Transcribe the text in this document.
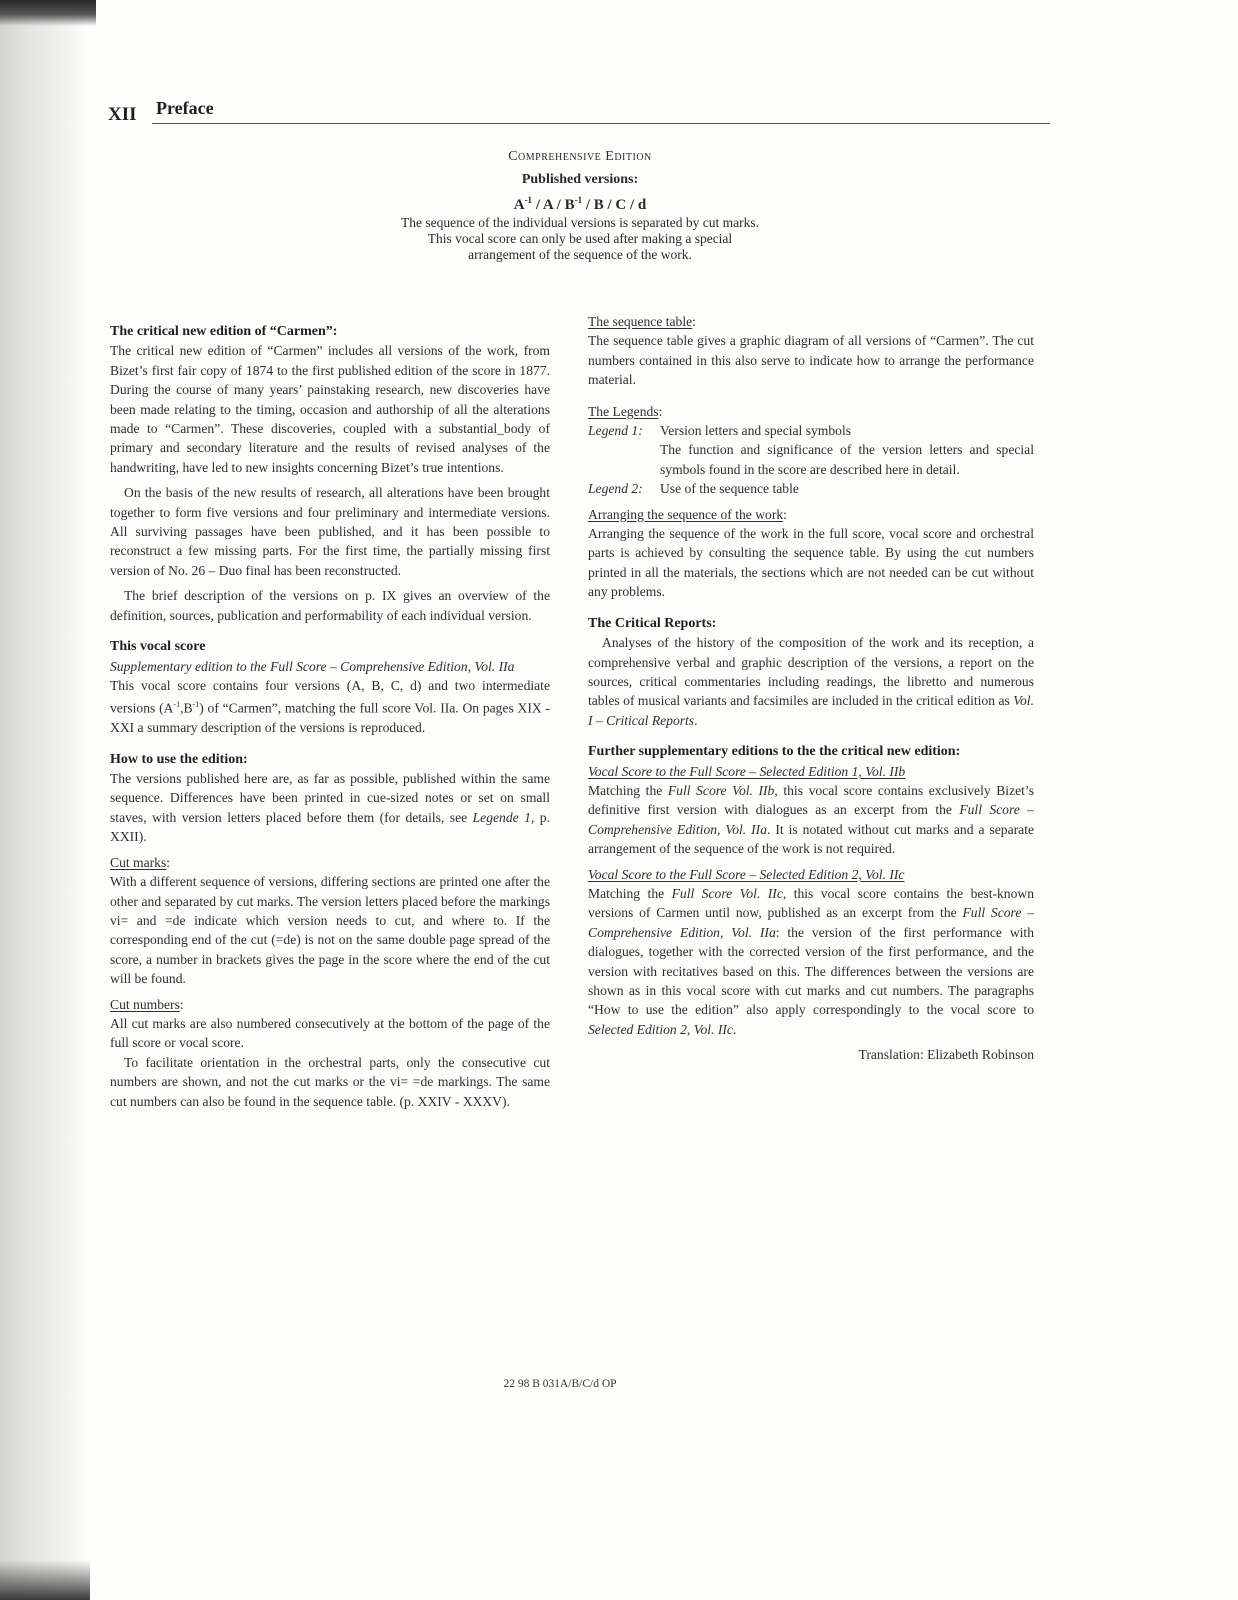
XII Preface
Comprehensive Edition
Published versions:
$A^{-1}$ / A / $B^{-1}$ / B / C / d
The sequence of the individual versions is separated by cut marks.
This vocal score can only be used after making a special
arrangement of the sequence of the work.

The critical new edition of “Carmen”:

The critical new edition of “Carmen” includes all versions of the work, from Bizet’s first fair copy of 1874 to the first published edition of the score in 1877. During the course of many years’ painstaking research, new discoveries have been made relating to the timing, occasion and authorship of all the alterations made to “Carmen”. These discoveries, coupled with a substantial_body of primary and secondary literature and the results of revised analyses of the handwriting, have led to new insights concerning Bizet’s true intentions.

On the basis of the new results of research, all alterations have been brought together to form five versions and four preliminary and intermediate versions. All surviving passages have been published, and it has been possible to reconstruct a few missing parts. For the first time, the partially missing first version of No. 26 – Duo final has been reconstructed.

The brief description of the versions on p. IX gives an overview of the definition, sources, publication and performability of each individual version.

This vocal score

Supplementary edition to the Full Score – Comprehensive Edition, Vol. IIa

This vocal score contains four versions (A, B, C, d) and two intermediate versions $(A^{-1},B^{-1})$ of “Carmen”, matching the full score Vol. IIa. On pages XIX - XXI a summary description of the versions is reproduced.

How to use the edition:

The versions published here are, as far as possible, published within the same sequence. Differences have been printed in cue-sized notes or set on small staves, with version letters placed before them (for details, see Legende 1, p. XXII).

Cut marks:

With a different sequence of versions, differing sections are printed one after the other and separated by cut marks. The version letters placed before the markings vi= and =de indicate which version needs to cut, and where to. If the corresponding end of the cut (=de) is not on the same double page spread of the score, a number in brackets gives the page in the score where the end of the cut will be found.

Cut numbers:

All cut marks are also numbered consecutively at the bottom of the page of the full score or vocal score.

To facilitate orientation in the orchestral parts, only the consecutive cut numbers are shown, and not the cut marks or the vi= =de markings. The same cut numbers can also be found in the sequence table. (p. XXIV - XXXV).

The sequence table:

The sequence table gives a graphic diagram of all versions of “Carmen”. The cut numbers contained in this also serve to indicate how to arrange the performance material.

The Legends:

Legend 1:	Version letters and special symbols

The function and significance of the version letters and special symbols found in the score are described here in detail.

Legend 2:	Use of the sequence table

Arranging the sequence of the work:

Arranging the sequence of the work in the full score, vocal score and orchestral parts is achieved by consulting the sequence table. By using the cut numbers printed in all the materials, the sections which are not needed can be cut without any problems.

The Critical Reports:

Analyses of the history of the composition of the work and its reception, a comprehensive verbal and graphic description of the versions, a report on the sources, critical commentaries including readings, the libretto and numerous tables of musical variants and facsimiles are included in the critical edition as Vol. I – Critical Reports.

Further supplementary editions to the the critical new edition:

Vocal Score to the Full Score – Selected Edition 1, Vol. IIb

Matching the Full Score Vol. IIb, this vocal score contains exclusively Bizet’s definitive first version with dialogues as an excerpt from the Full Score – Comprehensive Edition, Vol. IIa. It is notated without cut marks and a separate arrangement of the sequence of the work is not required.

Vocal Score to the Full Score – Selected Edition 2, Vol. IIc

Matching the Full Score Vol. IIc, this vocal score contains the best-known versions of Carmen until now, published as an excerpt from the Full Score – Comprehensive Edition, Vol. IIa: the version of the first performance with dialogues, together with the corrected version of the first performance, and the version with recitatives based on this. The differences between the versions are shown as in this vocal score with cut marks and cut numbers. The paragraphs “How to use the edition” also apply correspondingly to the vocal score to Selected Edition 2, Vol. IIc.

Translation: Elizabeth Robinson

22 98 B 031A/B/C/d OP
